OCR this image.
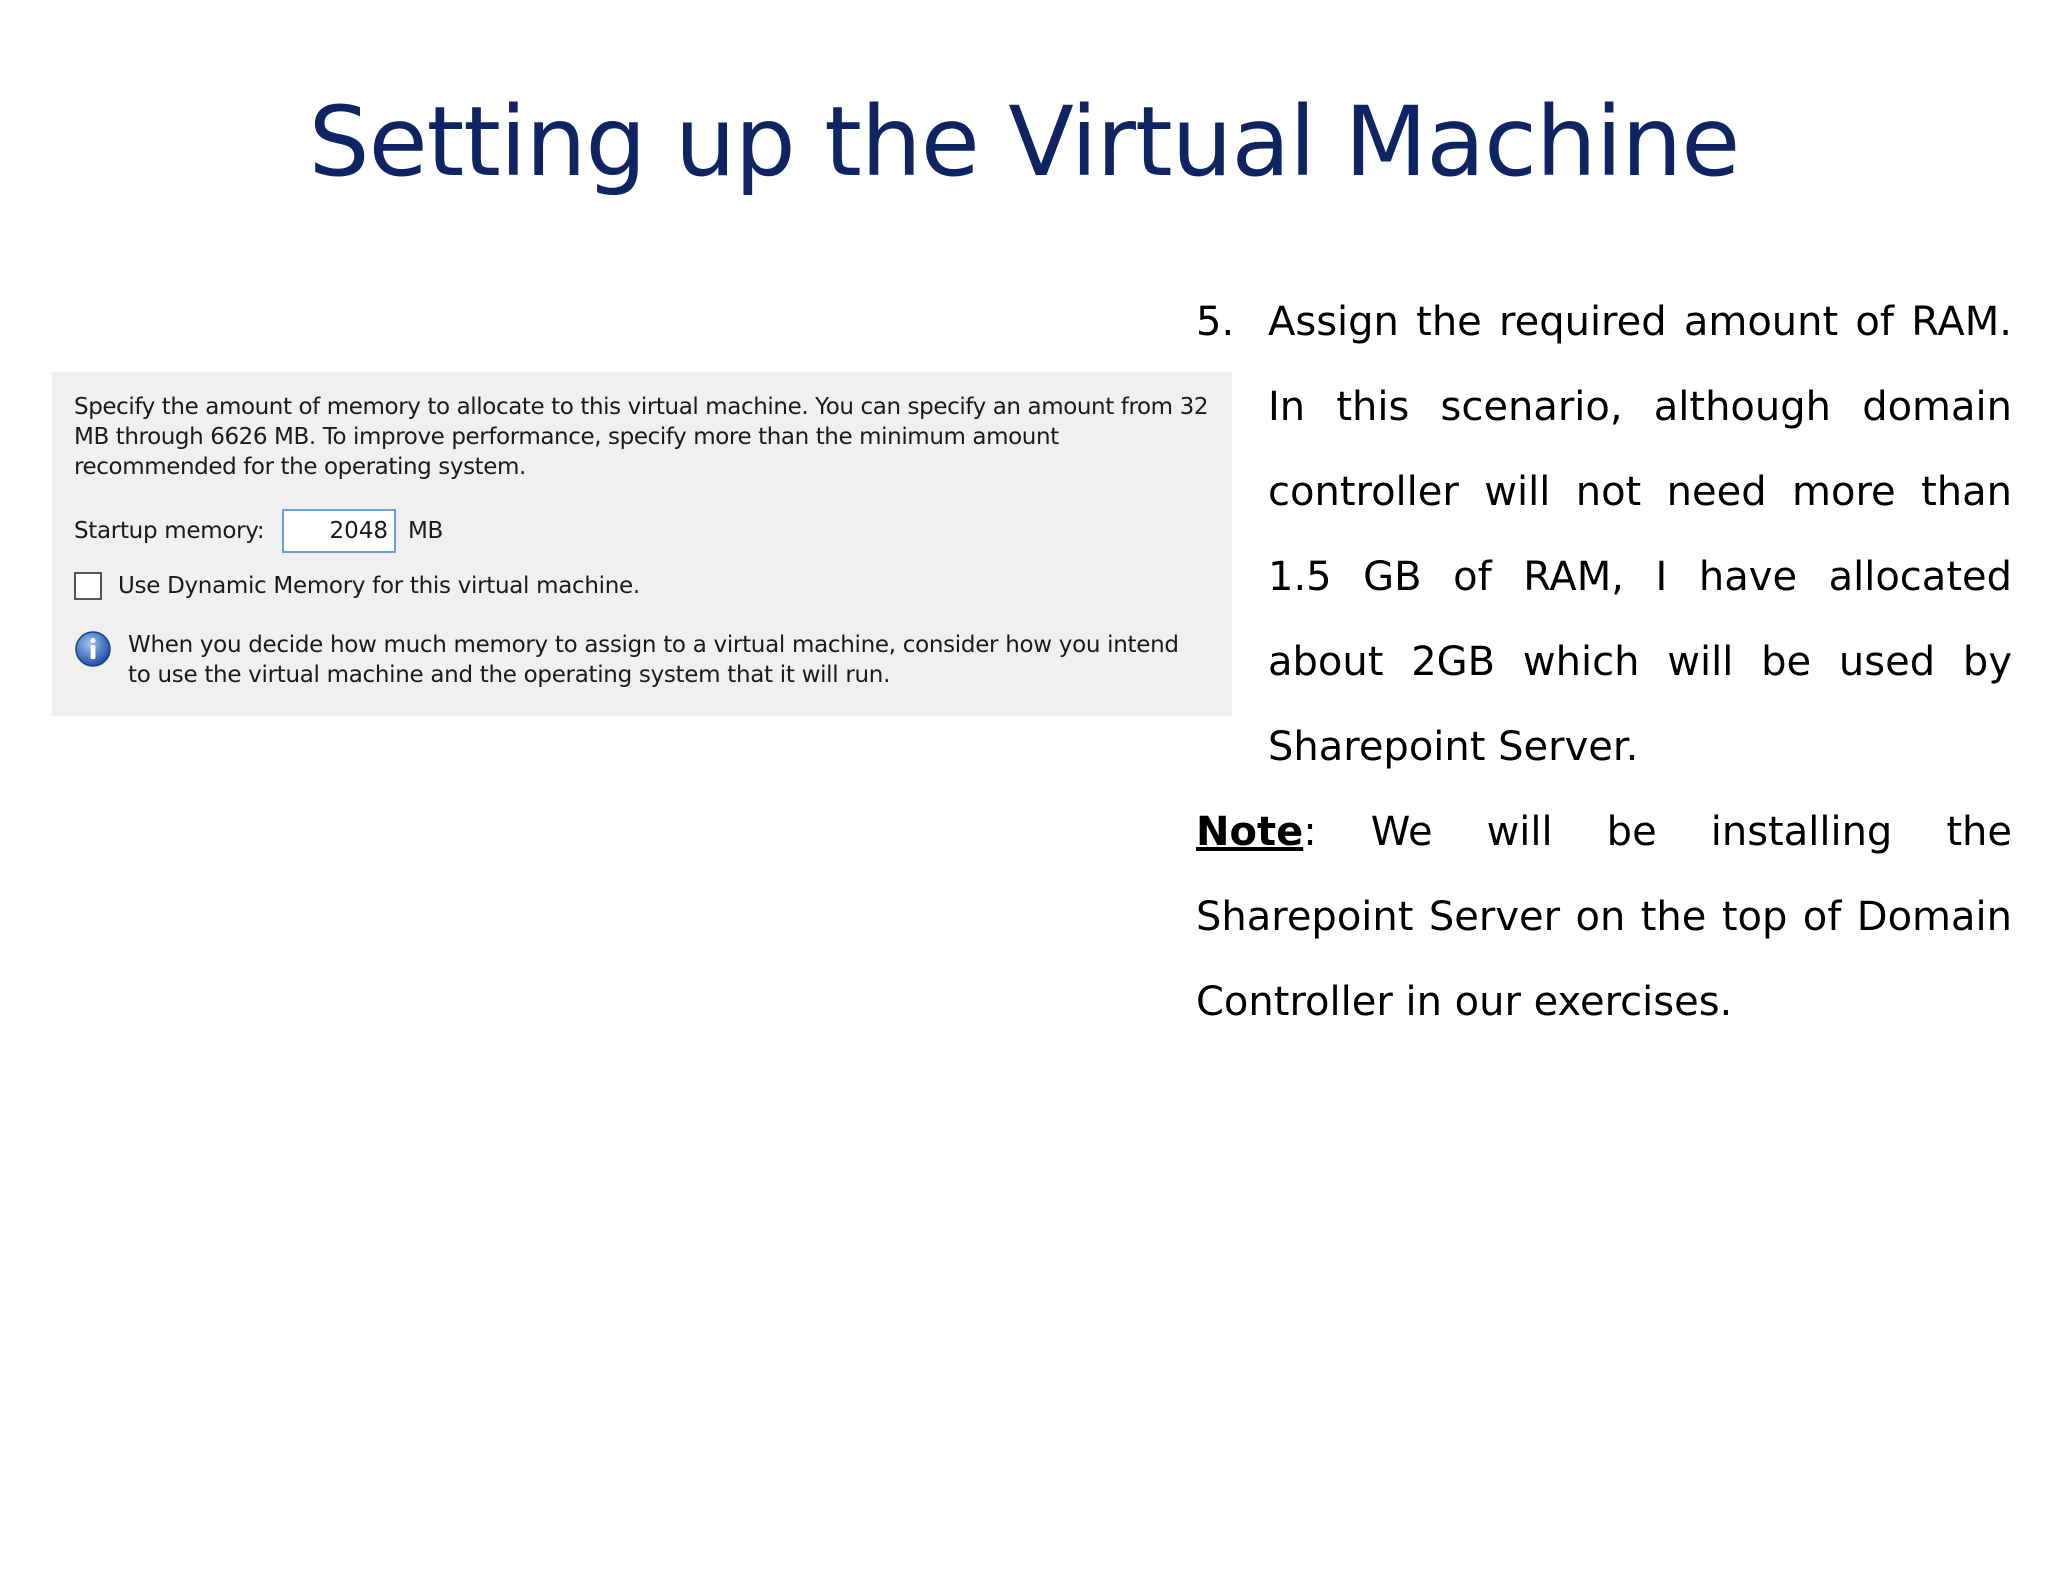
Setting up the Virtual Machine

Specify the amount of memory to allocate to this virtual machine. You can specify an amount from 32 MB through 6626 MB. To improve performance, specify more than the minimum amount recommended for the operating system.

Startup memory:
2048	MB
Use Dynamic Memory for this virtual machine.

When you decide how much memory to assign to a virtual machine, consider how you intend to use the virtual machine and the operating system that it will run.

5. Assign the required amount of RAM. In this scenario, although domain controller will not need more than 1.5 GB of RAM, I have allocated about 2GB which will be used by Sharepoint Server.

Note: We will be installing the Sharepoint Server on the top of Domain Controller in our exercises.
